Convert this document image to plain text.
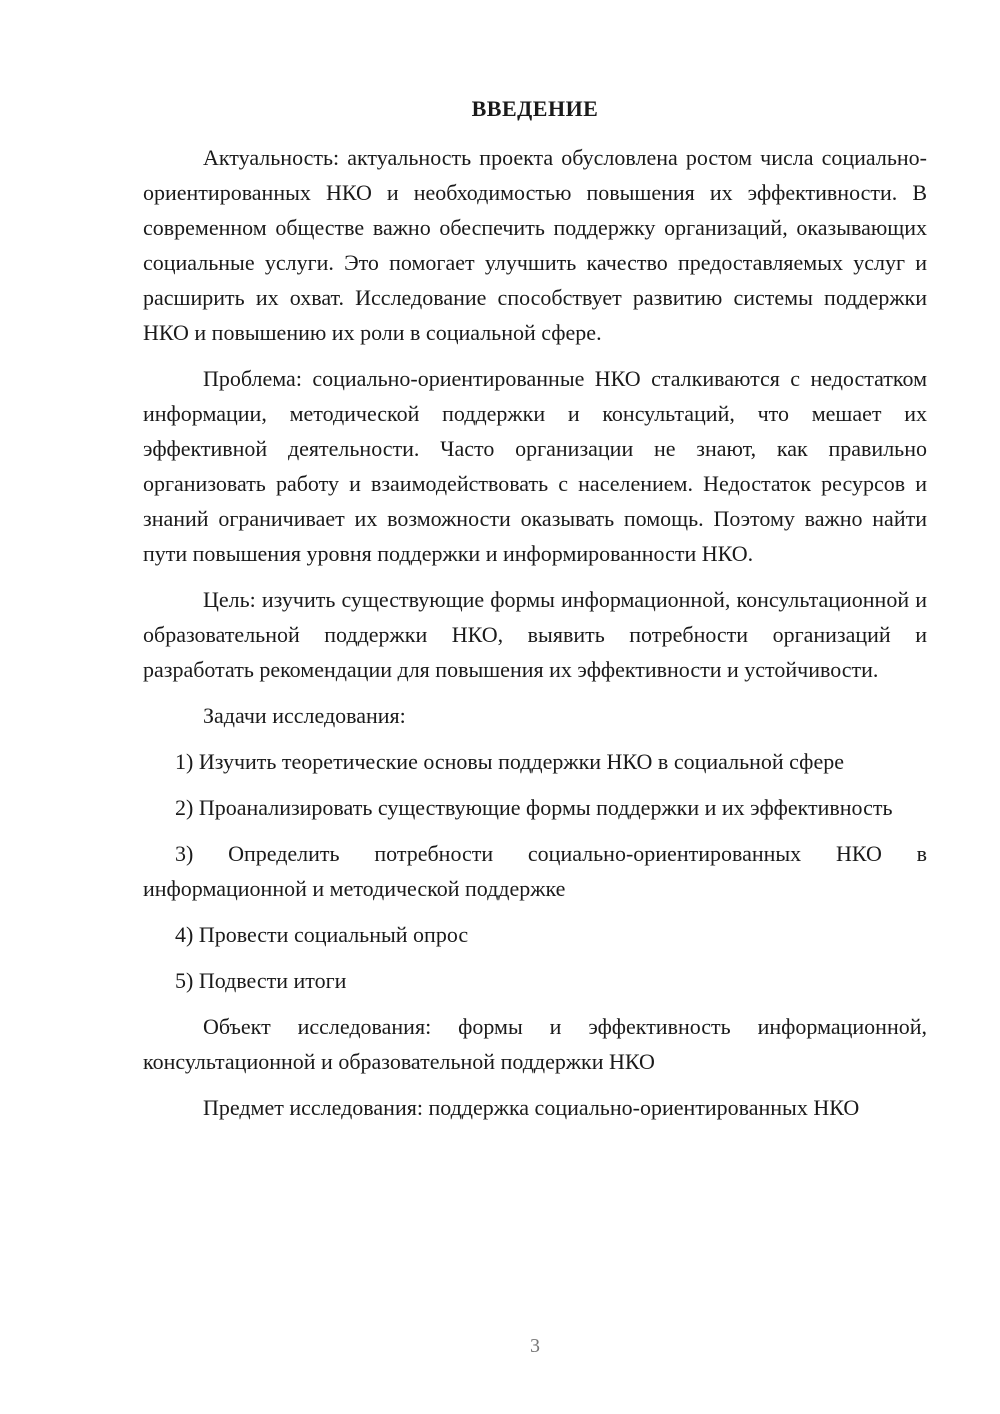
ВВЕДЕНИЕ

Актуальность: актуальность проекта обусловлена ростом числа социально-ориентированных НКО и необходимостью повышения их эффективности. В современном обществе важно обеспечить поддержку организаций, оказывающих социальные услуги. Это помогает улучшить качество предоставляемых услуг и расширить их охват. Исследование способствует развитию системы поддержки НКО и повышению их роли в социальной сфере.

Проблема: социально-ориентированные НКО сталкиваются с недостатком информации, методической поддержки и консультаций, что мешает их эффективной деятельности. Часто организации не знают, как правильно организовать работу и взаимодействовать с населением. Недостаток ресурсов и знаний ограничивает их возможности оказывать помощь. Поэтому важно найти пути повышения уровня поддержки и информированности НКО.

Цель: изучить существующие формы информационной, консультационной и образовательной поддержки НКО, выявить потребности организаций и разработать рекомендации для повышения их эффективности и устойчивости.

Задачи исследования:

1) Изучить теоретические основы поддержки НКО в социальной сфере

2) Проанализировать существующие формы поддержки и их эффективность

3) Определить потребности социально-ориентированных НКО в информационной и методической поддержке

4) Провести социальный опрос

5) Подвести итоги

Объект исследования: формы и эффективность информационной, консультационной и образовательной поддержки НКО

Предмет исследования: поддержка социально-ориентированных НКО

3
